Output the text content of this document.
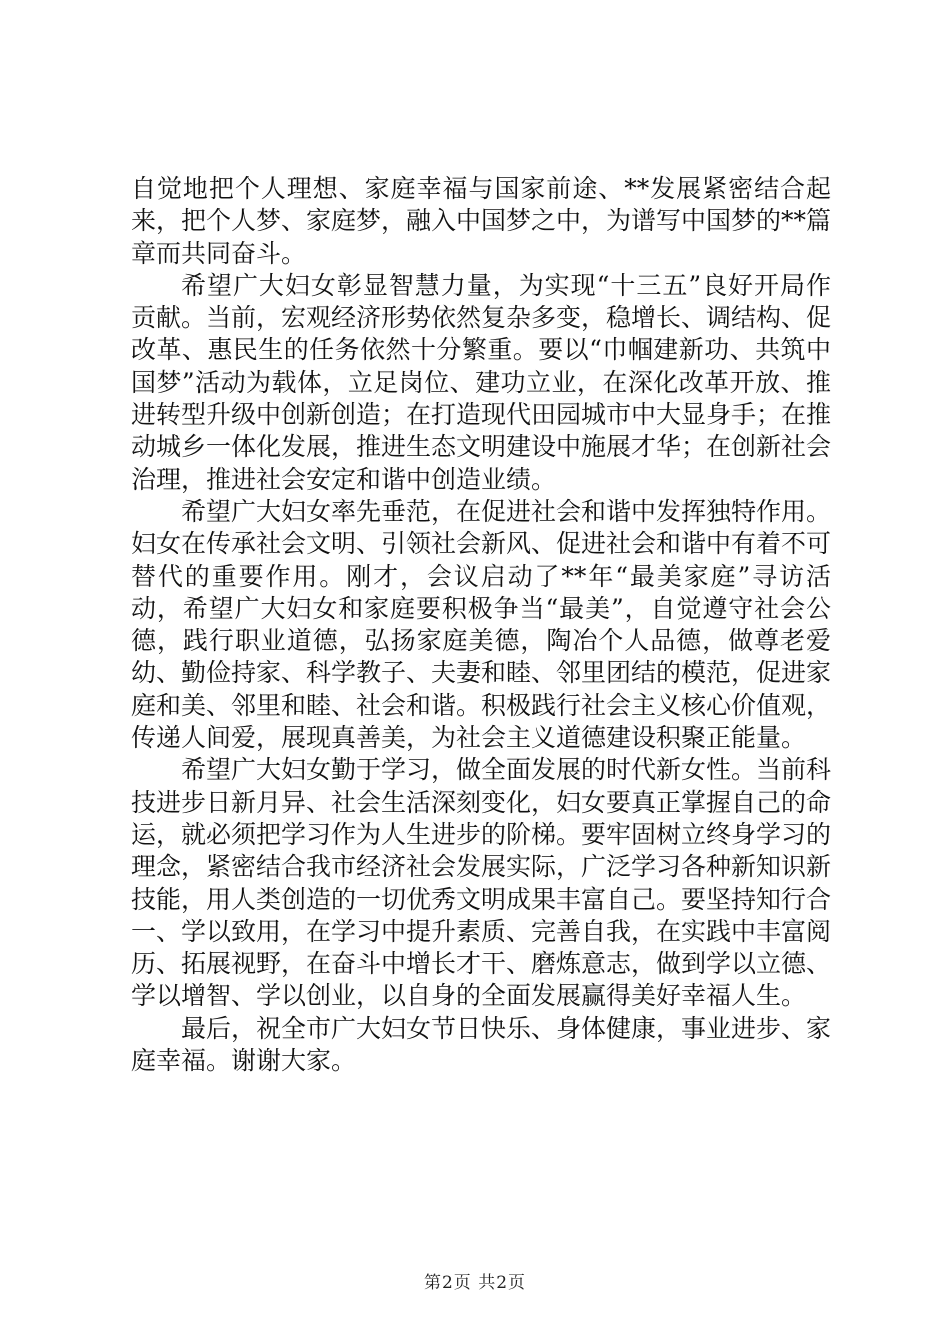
自觉地把个人理想、家庭幸福与国家前途、**发展紧密结合起来，把个人梦、家庭梦，融入中国梦之中，为谱写中国梦的**篇章而共同奋斗。

希望广大妇女彰显智慧力量，为实现“十三五”良好开局作贡献。当前，宏观经济形势依然复杂多变，稳增长、调结构、促改革、惠民生的任务依然十分繁重。要以“巾帼建新功、共筑中国梦”活动为载体，立足岗位、建功立业，在深化改革开放、推进转型升级中创新创造；在打造现代田园城市中大显身手；在推动城乡一体化发展，推进生态文明建设中施展才华；在创新社会治理，推进社会安定和谐中创造业绩。

希望广大妇女率先垂范，在促进社会和谐中发挥独特作用。妇女在传承社会文明、引领社会新风、促进社会和谐中有着不可替代的重要作用。刚才，会议启动了**年“最美家庭”寻访活动，希望广大妇女和家庭要积极争当“最美”，自觉遵守社会公德，践行职业道德，弘扬家庭美德，陶冶个人品德，做尊老爱幼、勤俭持家、科学教子、夫妻和睦、邻里团结的模范，促进家庭和美、邻里和睦、社会和谐。积极践行社会主义核心价值观，传递人间爱，展现真善美，为社会主义道德建设积聚正能量。

希望广大妇女勤于学习，做全面发展的时代新女性。当前科技进步日新月异、社会生活深刻变化，妇女要真正掌握自己的命运，就必须把学习作为人生进步的阶梯。要牢固树立终身学习的理念，紧密结合我市经济社会发展实际，广泛学习各种新知识新技能，用人类创造的一切优秀文明成果丰富自己。要坚持知行合一、学以致用，在学习中提升素质、完善自我，在实践中丰富阅历、拓展视野，在奋斗中增长才干、磨炼意志，做到学以立德、学以增智、学以创业，以自身的全面发展赢得美好幸福人生。

最后，祝全市广大妇女节日快乐、身体健康，事业进步、家庭幸福。谢谢大家。

第2页 共2页
